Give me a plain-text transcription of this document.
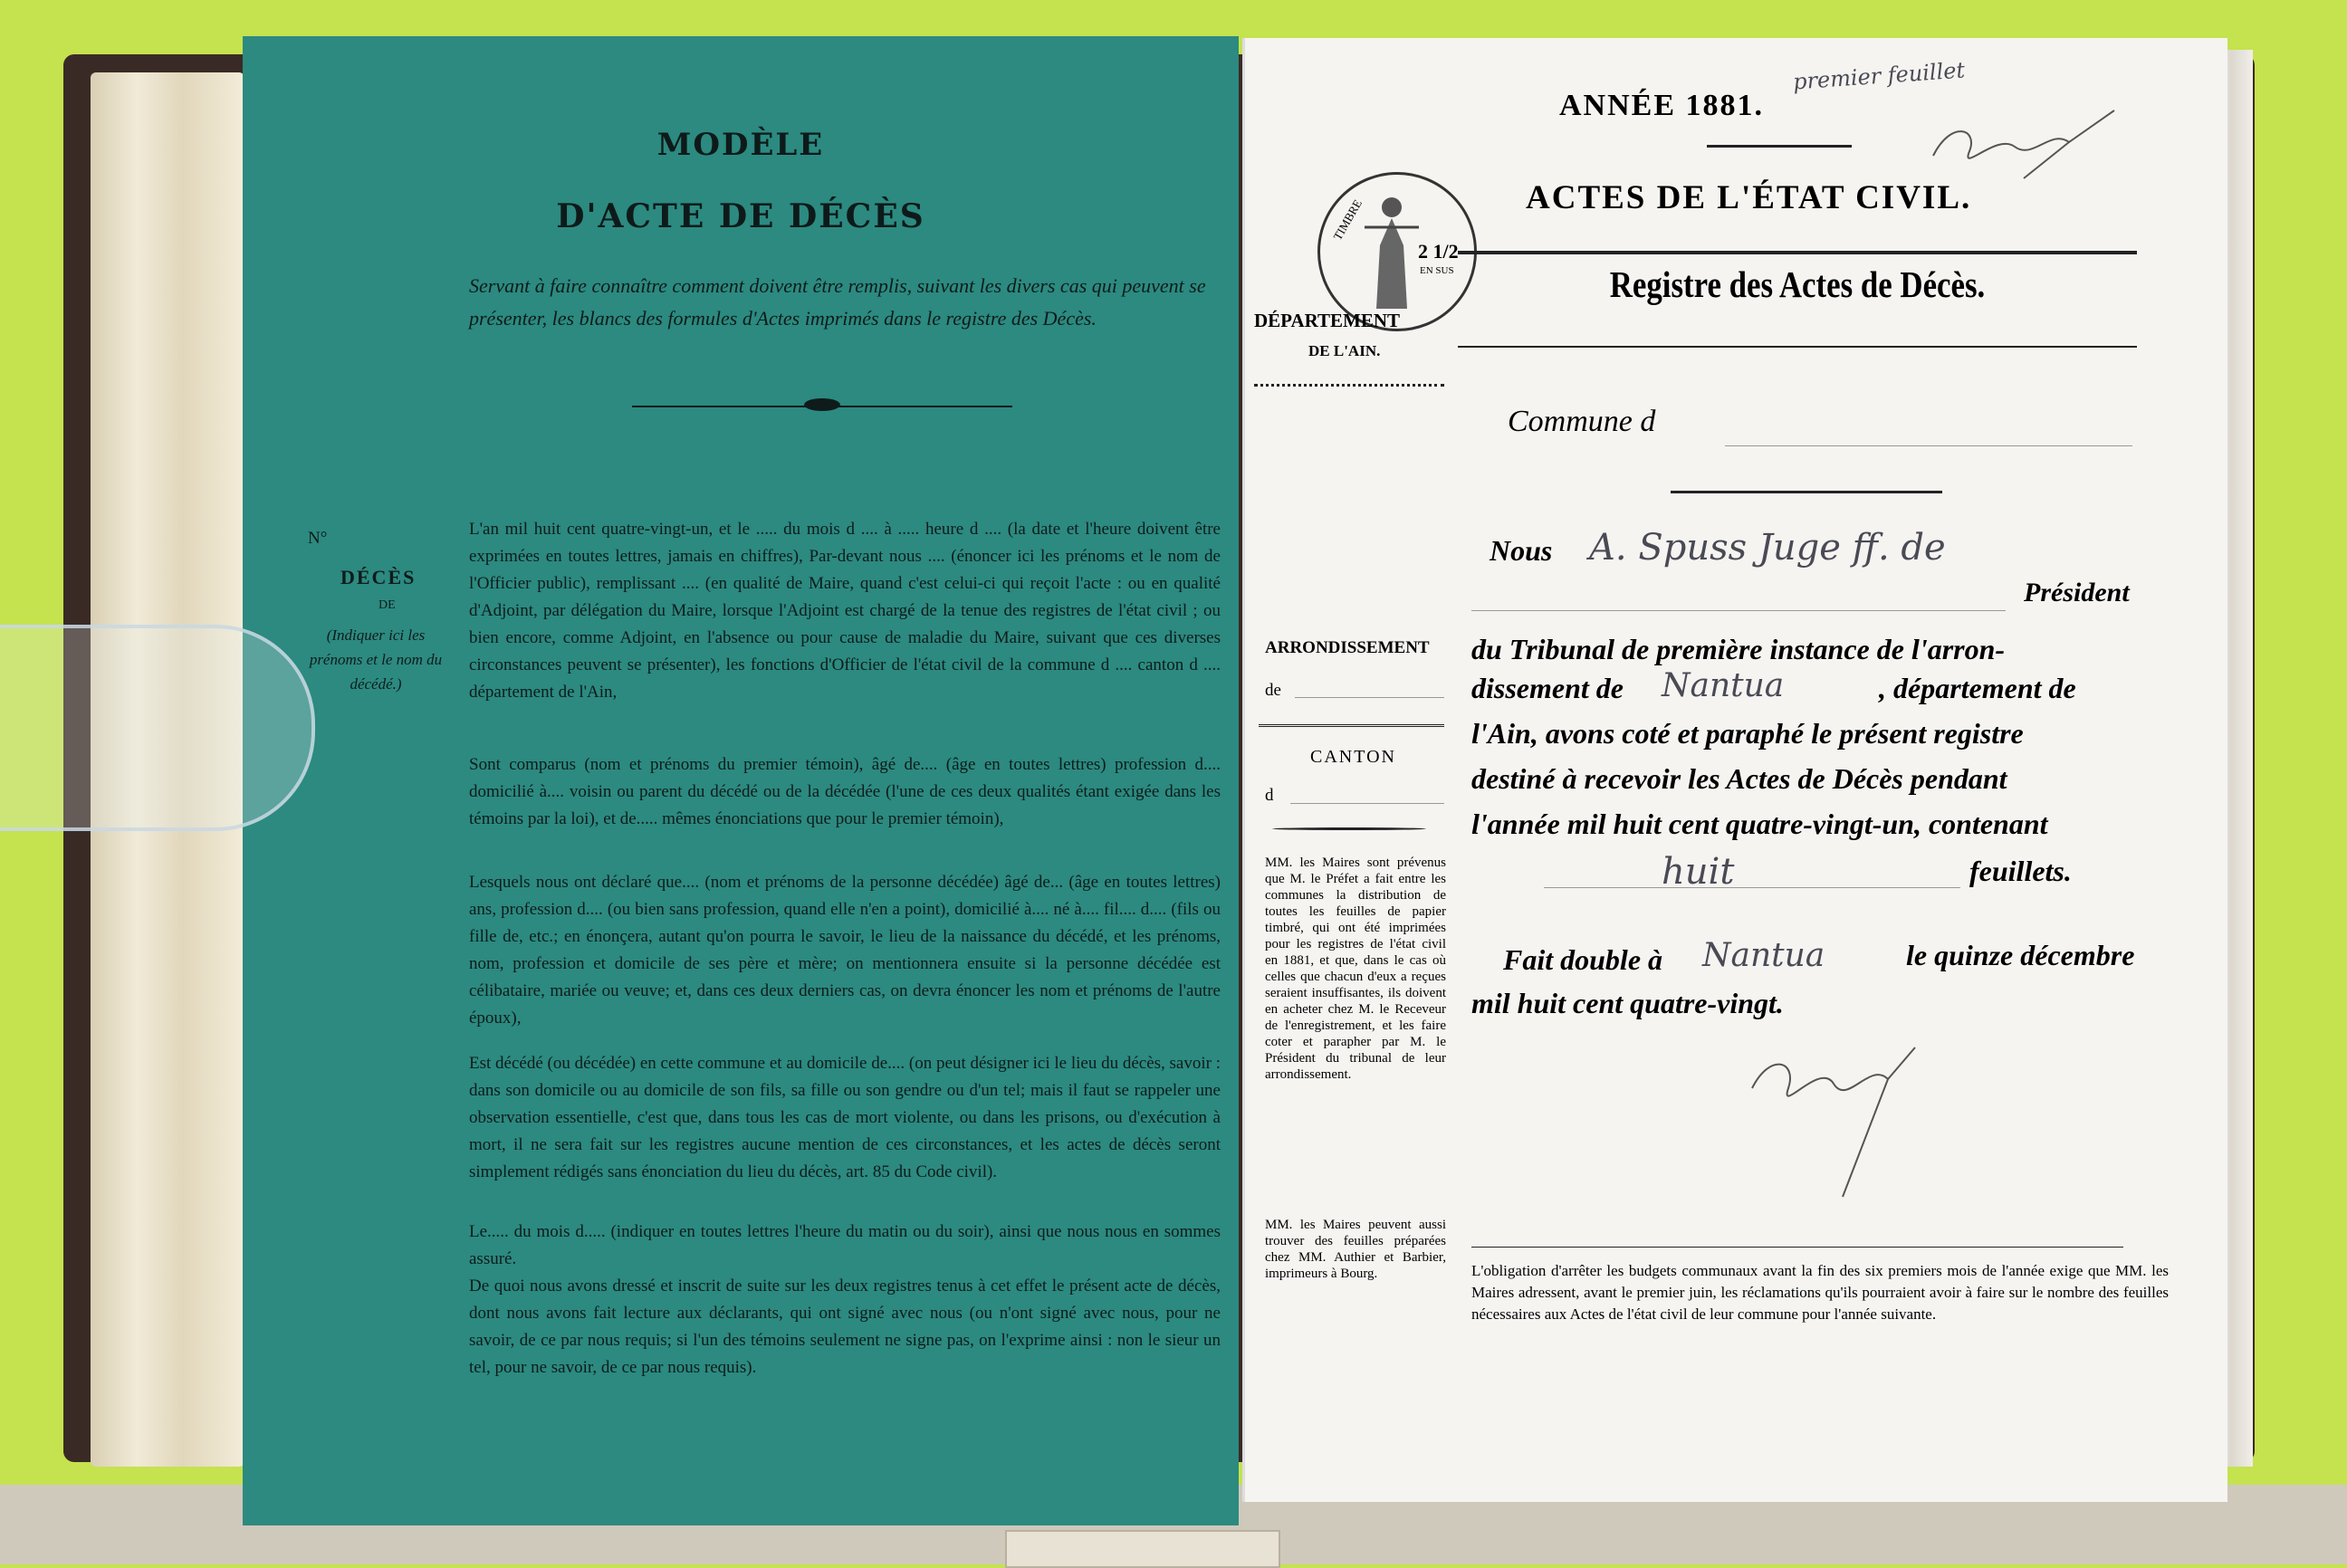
MODÈLE
D'ACTE DE DÉCÈS
Servant à faire connaître comment doivent être remplis, suivant les divers cas qui peuvent se présenter, les blancs des formules d'Actes imprimés dans le registre des Décès.
N°
DÉCÈS
DE
(Indiquer ici les prénoms et le nom du décédé.)
L'an mil huit cent quatre-vingt-un, et le ..... du mois d .... à ..... heure d .... (la date et l'heure doivent être exprimées en toutes lettres, jamais en chiffres), Par-devant nous .... (énoncer ici les prénoms et le nom de l'Officier public), remplissant .... (en qualité de Maire, quand c'est celui-ci qui reçoit l'acte : ou en qualité d'Adjoint, par délégation du Maire, lorsque l'Adjoint est chargé de la tenue des registres de l'état civil ; ou bien encore, comme Adjoint, en l'absence ou pour cause de maladie du Maire, suivant que ces diverses circonstances peuvent se présenter), les fonctions d'Officier de l'état civil de la commune d .... canton d .... département de l'Ain,
Sont comparus (nom et prénoms du premier témoin), âgé de.... (âge en toutes lettres) profession d.... domicilié à.... voisin ou parent du décédé ou de la décédée (l'une de ces deux qualités étant exigée dans les témoins par la loi), et de..... mêmes énonciations que pour le premier témoin),
Lesquels nous ont déclaré que.... (nom et prénoms de la personne décédée) âgé de... (âge en toutes lettres) ans, profession d.... (ou bien sans profession, quand elle n'en a point), domicilié à.... né à.... fil.... d.... (fils ou fille de, etc.; en énonçera, autant qu'on pourra le savoir, le lieu de la naissance du décédé, et les prénoms, nom, profession et domicile de ses père et mère; on mentionnera ensuite si la personne décédée est célibataire, mariée ou veuve; et, dans ces deux derniers cas, on devra énoncer les nom et prénoms de l'autre époux),
Est décédé (ou décédée) en cette commune et au domicile de.... (on peut désigner ici le lieu du décès, savoir : dans son domicile ou au domicile de son fils, sa fille ou son gendre ou d'un tel; mais il faut se rappeler une observation essentielle, c'est que, dans tous les cas de mort violente, ou dans les prisons, ou d'exécution à mort, il ne sera fait sur les registres aucune mention de ces circonstances, et les actes de décès seront simplement rédigés sans énonciation du lieu du décès, art. 85 du Code civil).
Le..... du mois d..... (indiquer en toutes lettres l'heure du matin ou du soir), ainsi que nous nous en sommes assuré.
De quoi nous avons dressé et inscrit de suite sur les deux registres tenus à cet effet le présent acte de décès, dont nous avons fait lecture aux déclarants, qui ont signé avec nous (ou n'ont signé avec nous, pour ne savoir, de ce par nous requis; si l'un des témoins seulement ne signe pas, on l'exprime ainsi : non le sieur un tel, pour ne savoir, de ce par nous requis).
premier feuillet
ANNÉE 1881.
ACTES DE L'ÉTAT CIVIL.
TIMBRE
2 1/2
EN SUS
DÉPARTEMENT
DE L'AIN.
Registre des Actes de Décès.
Commune d
Nous A. Spuss Juge ff. de
Président
ARRONDISSEMENT
de
CANTON
d
du Tribunal de première instance de l'arron-
dissement de Nantua	, département de
l'Ain, avons coté et paraphé le présent registre
destiné à recevoir les Actes de Décès pendant
l'année mil huit cent quatre-vingt-un, contenant
huit	feuillets.
Fait double à Nantua	le quinze décembre
mil huit cent quatre-vingt.
MM. les Maires sont prévenus que M. le Préfet a fait entre les communes la distribution de toutes les feuilles de papier timbré, qui ont été imprimées pour les registres de l'état civil en 1881, et que, dans le cas où celles que chacun d'eux a reçues seraient insuffisantes, ils doivent en acheter chez M. le Receveur de l'enregistrement, et les faire coter et parapher par M. le Président du tribunal de leur arrondissement.
MM. les Maires peuvent aussi trouver des feuilles préparées chez MM. Authier et Barbier, imprimeurs à Bourg.	L'obligation d'arrêter les budgets communaux avant la fin des six premiers mois de l'année exige que MM. les Maires adressent, avant le premier juin, les réclamations qu'ils pourraient avoir à faire sur le nombre des feuilles nécessaires aux Actes de l'état civil de leur commune pour l'année suivante.
